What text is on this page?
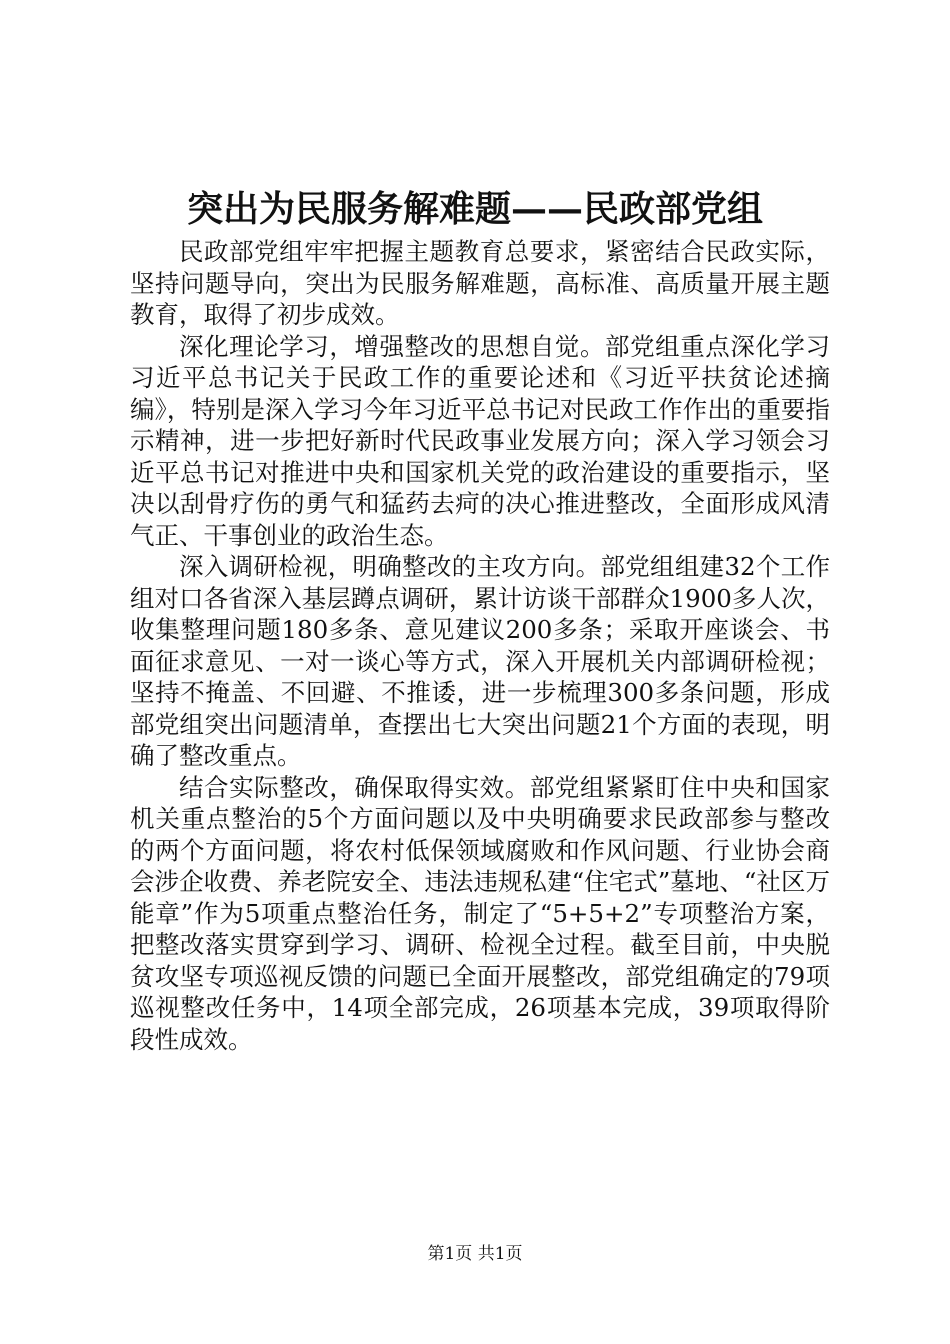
突出为民服务解难题——民政部党组

民政部党组牢牢把握主题教育总要求，紧密结合民政实际，坚持问题导向，突出为民服务解难题，高标准、高质量开展主题教育，取得了初步成效。

深化理论学习，增强整改的思想自觉。部党组重点深化学习习近平总书记关于民政工作的重要论述和《习近平扶贫论述摘编》，特别是深入学习今年习近平总书记对民政工作作出的重要指示精神，进一步把好新时代民政事业发展方向；深入学习领会习近平总书记对推进中央和国家机关党的政治建设的重要指示，坚决以刮骨疗伤的勇气和猛药去疴的决心推进整改，全面形成风清气正、干事创业的政治生态。

深入调研检视，明确整改的主攻方向。部党组组建32个工作组对口各省深入基层蹲点调研，累计访谈干部群众1900多人次，收集整理问题180多条、意见建议200多条；采取开座谈会、书面征求意见、一对一谈心等方式，深入开展机关内部调研检视；坚持不掩盖、不回避、不推诿，进一步梳理300多条问题，形成部党组突出问题清单，查摆出七大突出问题21个方面的表现，明确了整改重点。

结合实际整改，确保取得实效。部党组紧紧盯住中央和国家机关重点整治的5个方面问题以及中央明确要求民政部参与整改的两个方面问题，将农村低保领域腐败和作风问题、行业协会商会涉企收费、养老院安全、违法违规私建“住宅式”墓地、“社区万能章”作为5项重点整治任务，制定了“5+5+2”专项整治方案，把整改落实贯穿到学习、调研、检视全过程。截至目前，中央脱贫攻坚专项巡视反馈的问题已全面开展整改，部党组确定的79项巡视整改任务中，14项全部完成，26项基本完成，39项取得阶段性成效。

第1页 共1页
